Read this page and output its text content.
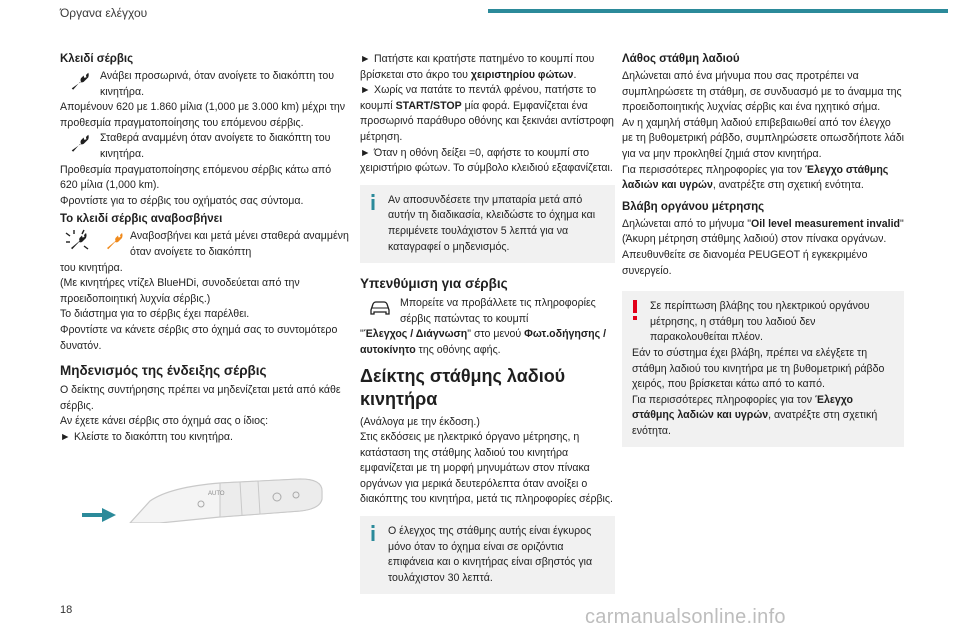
Όργανα ελέγχου
Κλειδί σέρβις

Ανάβει προσωρινά, όταν ανοίγετε το διακόπτη του κινητήρα.

Απομένουν 620 με 1.860 μίλια (1,000 με 3.000 km) μέχρι την προθεσμία πραγματοποίησης του επόμενου σέρβις.

Σταθερά αναμμένη όταν ανοίγετε το διακόπτη του κινητήρα.

Προθεσμία πραγματοποίησης επόμενου σέρβις κάτω από 620 μίλια (1,000 km).

Φροντίστε για το σέρβις του οχήματός σας σύντομα.

Το κλειδί σέρβις αναβοσβήνει

Αναβοσβήνει και μετά μένει σταθερά αναμμένη όταν ανοίγετε το διακόπτη

του κινητήρα.

(Με κινητήρες ντίζελ BlueHDi, συνοδεύεται από την προειδοποιητική λυχνία σέρβις.)

Το διάστημα για το σέρβις έχει παρέλθει.

Φροντίστε να κάνετε σέρβις στο όχημά σας το συντομότερο δυνατόν.

Μηδενισμός της ένδειξης σέρβις

Ο δείκτης συντήρησης πρέπει να μηδενίζεται μετά από κάθε σέρβις.

Αν έχετε κάνει σέρβις στο όχημά σας ο ίδιος:

► Κλείστε το διακόπτη του κινητήρα.

AUTO

► Πατήστε και κρατήστε πατημένο το κουμπί που βρίσκεται στο άκρο του χειριστηρίου φώτων.

► Χωρίς να πατάτε το πεντάλ φρένου, πατήστε το κουμπί START/STOP μία φορά. Εμφανίζεται ένα προσωρινό παράθυρο οθόνης και ξεκινάει αντίστροφη μέτρηση.

► Όταν η οθόνη δείξει =0, αφήστε το κουμπί στο χειριστήριο φώτων. Το σύμβολο κλειδιού εξαφανίζεται.

Αν αποσυνδέσετε την μπαταρία μετά από αυτήν τη διαδικασία, κλειδώστε το όχημα και περιμένετε τουλάχιστον 5 λεπτά για να καταγραφεί ο μηδενισμός.

Υπενθύμιση για σέρβις

Μπορείτε να προβάλλετε τις πληροφορίες σέρβις πατώντας το κουμπί

"Έλεγχος / Διάγνωση" στο μενού Φωτ.οδήγησης / αυτοκίνητο της οθόνης αφής.

Δείκτης στάθμης λαδιού κινητήρα

(Ανάλογα με την έκδοση.)

Στις εκδόσεις με ηλεκτρικό όργανο μέτρησης, η κατάσταση της στάθμης λαδιού του κινητήρα εμφανίζεται με τη μορφή μηνυμάτων στον πίνακα οργάνων για μερικά δευτερόλεπτα όταν ανοίξει ο διακόπτης του κινητήρα, μετά τις πληροφορίες σέρβις.

Ο έλεγχος της στάθμης αυτής είναι έγκυρος μόνο όταν το όχημα είναι σε οριζόντια επιφάνεια και ο κινητήρας είναι σβηστός για τουλάχιστον 30 λεπτά.

Λάθος στάθμη λαδιού

Δηλώνεται από ένα μήνυμα που σας προτρέπει να συμπληρώσετε τη στάθμη, σε συνδυασμό με το άναμμα της προειδοποιητικής λυχνίας σέρβις και ένα ηχητικό σήμα.

Αν η χαμηλή στάθμη λαδιού επιβεβαιωθεί από τον έλεγχο με τη βυθομετρική ράβδο, συμπληρώσετε οπωσδήποτε λάδι για να μην προκληθεί ζημιά στον κινητήρα.

Για περισσότερες πληροφορίες για τον Έλεγχο στάθμης λαδιών και υγρών, ανατρέξτε στη σχετική ενότητα.

Βλάβη οργάνου μέτρησης

Δηλώνεται από το μήνυμα "Oil level measurement invalid" (Άκυρη μέτρηση στάθμης λαδιού) στον πίνακα οργάνων.

Απευθυνθείτε σε διανομέα PEUGEOT ή εγκεκριμένο συνεργείο.

Σε περίπτωση βλάβης του ηλεκτρικού οργάνου μέτρησης, η στάθμη του λαδιού δεν παρακολουθείται πλέον.

Εάν το σύστημα έχει βλάβη, πρέπει να ελέγξετε τη στάθμη λαδιού του κινητήρα με τη βυθομετρική ράβδο χειρός, που βρίσκεται κάτω από το καπό.

Για περισσότερες πληροφορίες για τον Έλεγχο στάθμης λαδιών και υγρών, ανατρέξτε στη σχετική ενότητα.

18	carmanualsonline.info
